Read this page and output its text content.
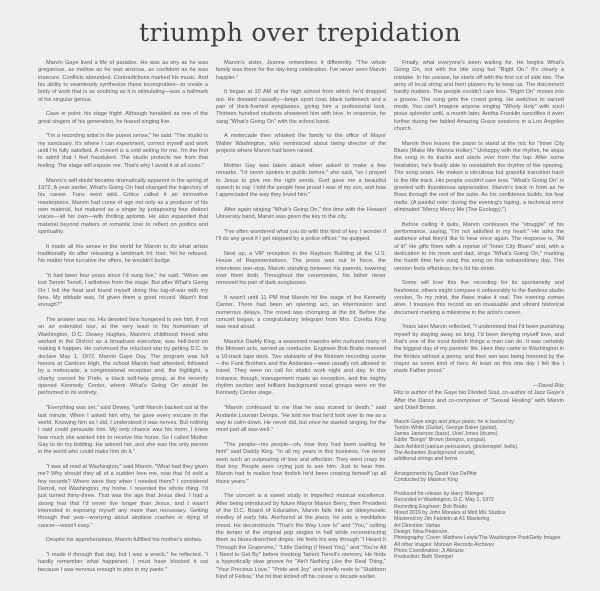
triumph over trepidation

Marvin Gaye lived a life of paradox. He was as shy as he was gregarious, as mellow as he was anxious, as confident as he was insecure. Conflicts abounded. Contradictions marked his music. And his ability to seamlessly synthesize these incongruities—to create a body of work that is as soothing as it is stimulating—was a hallmark of his singular genius.

Case in point: his stage fright. Although heralded as one of the great singers of his generation, he feared singing live.

"I'm a recording artist in the purest sense," he said. "The studio is my sanctuary. It's where I can experiment, correct myself and work until I'm fully satisfied. A concert is a cold setting for me. I'm the first to admit that I feel fraudulent. The studio protects me from that feeling. The stage will expose me. That's why I avoid it at all costs."

Marvin's self-doubt became dramatically apparent in the spring of 1972. A year earlier, What's Going On had changed the trajectory of his career. Fans went wild. Critics called it an innovative masterpiece. Marvin had come of age not only as a producer of his own material, but matured as a singer by juxtaposing four distinct voices—all his own—with thrilling aplomb. He also expanded that material beyond matters of romantic love to reflect on politics and spirituality.

It made all the sense in the world for Marvin to do what artists traditionally do after releasing a landmark hit: tour. Yet he refused. No matter how lucrative the offers, he wouldn't budge.

"It had been four years since I'd sung live," he said. "When we lost Tammi Terrell, I withdrew from the stage. But after What's Going On I felt the heat and found myself doing this tug-of-war with my fans. My attitude was, I'd given them a good record. Wasn't that enough?"

The answer was no. His devoted fans hungered to see him, if not on an extended tour, at the very least in his hometown of Washington, D.C. Dewey Hughes, Marvin's childhood friend who worked in the District as a broadcast executive, was hell-bent on making it happen. He convinced the reluctant star by getting D.C. to declare May 1, 1972, Marvin Gaye Day. The program was full honors at Cardozo High, the school Marvin had attended, followed by a motorcade, a congressional reception and, the highlight, a charity concert for Pride, a black self-help group, at the recently opened Kennedy Center, where What's Going On would be performed in its entirety.

"Everything was set," said Dewey, "until Marvin backed out at the last minute. When I asked him why, he gave every excuse in the world. Knowing him as I did, I understood it was nerves. But nothing I said could persuade him. My only chance was his mom. I knew how much she wanted him to receive this honor. So I called Mother Gay to do my bidding. He adored her, and she was the only person in the world who could make him do it."

"I was all mad at Washington," said Marvin. "What had they given me? Why should they all of a sudden love me, now that I'd sold a few records? Where were they when I needed them? I considered Detroit, not Washington, my home. I resented the whole thing. I'd just turned thirty-three. That was the age that Jesus died. I had a strong fear that I'd never live longer than Jesus, and I wasn't interested in exposing myself any more than necessary. Getting through that year—worrying about airplane crashes or dying of cancer—wasn't easy."

Despite his apprehensions, Marvin fulfilled his mother's wishes.

"I made it through that day, but I was a wreck," he reflected. "I hardly remember what happened. I must have blocked it out because I was nervous enough to piss in my pants."

Marvin's sister, Jeanne remembers it differently. "The whole family was there for the day-long celebration. I've never seen Marvin happier."

It began at 10 AM at the high school from which he'd dropped out. He dressed casually—beige sport coat, black turtleneck and a pair of thick-framed eyeglasses, giving him a professorial look. Thirteen hundred students showered him with love. In response, he sang "What's Going On" with the school band.

A motorcade then whisked the family to the office of Mayor Walter Washington, who reminisced about being director of the projects where Marvin had been raised.

Mother Gay was taken aback when asked to make a few remarks. "I'd never spoken in public before," she said, "so I prayed to Jesus to give me the right words. God gave me a beautiful speech to say. I told the people how proud I was of my son, and how I appreciated the way they loved him."

After again singing "What's Going On," this time with the Howard University band, Marvin was given the key to the city.

"I've often wondered what you do with this kind of key. I wonder if I'll do any good if I get stopped by a police officer," he quipped.

Next up, a VIP reception in the Rayburn Building at the U.S. House of Representatives. The press was out in force, the interviews non-stop, Marvin standing between his parents, towering over them both. Throughout the ceremonies, his father never removed his pair of dark sunglasses.

It wasn't until 11 PM that Marvin hit the stage of the Kennedy Center. There had been an opening act, an intermission and numerous delays. The crowd was chomping at the bit. Before the concert began, a congratulatory telegram from Mrs. Coretta King was read aloud.

Maurice Daddy King, a seasoned maestro who nurtured many of the Motown acts, served as conductor. Engineer Bob Bratts manned a 16-track tape deck. Two stalwarts of the Motown recording scene—the Funk Brothers and the Andantes—were usually not allowed to travel. They were on call for studio work night and day. In this instance, though, management made an exception, and the mighty rhythm section and brilliant background vocal groups were on the Kennedy Center stage.

"Marvin confessed to me that he was scared to death," said Andante Louvain Demps. "He told me that he'd look over to me as a way to calm down. He never did, but once he started singing, for the most part all was well."

"The people—his people—oh, how they had been waiting for him!" said Daddy King. "In all my years in this business, I've never seen such an outpouring of love and affection. They went crazy for that boy. People were crying just to see him. Just to hear him. Marvin had to realize how foolish he'd been cooping himself up all those years."

The concert is a sweet study in imperfect musical excellence. After being introduced by future Mayor Marion Berry, then President of the D.C. Board of Education, Marvin falls into an idiosyncratic medley of early hits. Anchored at the piano, he sets a meditative mood. He deconstructs "That's the Way Love Is" and "You," cutting the tempo of the original pop singles in half while reconstructing them as blues-drenched dirges. He feels his way through "I Heard It Through the Grapevine," "Little Darling (I Need You)," and "You're All I Need to Get By" before invoking Tammi Terrell's memory. He finds a hypnotically slow groove for "Ain't Nothing Like the Real Thing," "Your Precious Love," "Pride and Joy" and briefly nods to "Stubborn Kind of Fellow," the hit that kicked off his career a decade earlier.

Finally, what everyone's been waiting for. He begins What's Going On, not with the title song but "Right On." It's clearly a mistake. In his unease, he starts off with the first cut of side two. The army of local string and horn players try to keep up. The disconnect hardly matters. The people couldn't care less. "Right On" moves into a groove. The song gets the crowd going. He switches to sacred mode. You can't imagine anyone singing "Wholy Holy" with such pious splendor until, a month later, Aretha Franklin sanctifies it even further during her fabled Amazing Grace sessions in a Los Angeles church.

Marvin then leaves the piano to stand at the mic for "Inner City Blues (Make Me Wanna Holler)." Unhappy with the rhythm, he stops the song in its tracks and starts over from the top. After some hesitation, he's finally able to reestablish the rhythm of the opening. The song soars. He makes a circuitous but graceful transition back to the title track. His people couldn't care less. "What's Going On" is greeted with thunderous appreciation. Marvin's back in form as he flows through the rest of the suite. As his confidence builds, his fear melts. (A painful note: during the evening's taping, a technical error eliminated "Mercy Mercy Me (The Ecology).")

Before calling it quits, Marvin confesses the "struggle" of his performance, saying, "I'm not satisfied in my heart." He asks the audience what they'd like to hear once again. The response is, "All of it!" He gifts them with a reprise of "Inner City Blues" and, with a dedication to his mom and dad, sings "What's Going On," marking the fourth time he's sung this song on this extraordinary day. This version feels effortless; he's hit his stride.

Some will love this live recording for its spontaneity and freshness; others might compare it unfavorably to the flawless studio version. To my mind, the flaws make it real. The evening comes alive. I treasure this record as an invaluable and vibrant historical document marking a milestone in the artist's career.

Years later Marvin reflected, "I understood that I'd been punishing myself by staying away so long. I'd been denying myself love, and that's one of the most foolish things a man can do. It was certainly the biggest day of my parents' life. Here they came to Washington in the thirties without a penny, and their son was being honored by the mayor as some kind of hero. At least on this one day I felt like I made Father proud."

—David Ritz

Ritz is author of the Gaye bio Divided Soul, co-author of Jazz Gaye's After the Dance and co-composer of "Sexual Healing" with Marvin and Odell Brown.

Marvin Gaye sings and plays piano; he is backed by:
Tenton White (Guitar), George Baker (guitar),
James Jamerson (bass), Uriel Jones (drums),
Eddie "Bongo" Brown (bongos, congas),
Jack Ashford (various percussion, glockenspiel, bells),
The Andantes (background vocals),
additional strings and horns
Arrangements by David Van DePitte
Conducted by Maurice King
Produced for release by Harry Weinger
Recorded in Washington, D.C. May 1, 1972
Recording Engineer: Bob Bratts
Mixed 2019 by John Morales at Mirit Mix Studios
Mastered by Jim Fatstein at A1 Mastering
Art Direction: Vartan
Design: Nina Pederson
Photography: Cover: Matthew Lewis/The Washington Post/Getty Images
All other images: Motown Records Archives
Photo Coordination: Ji Abrazio
Production: Beth Stempel
